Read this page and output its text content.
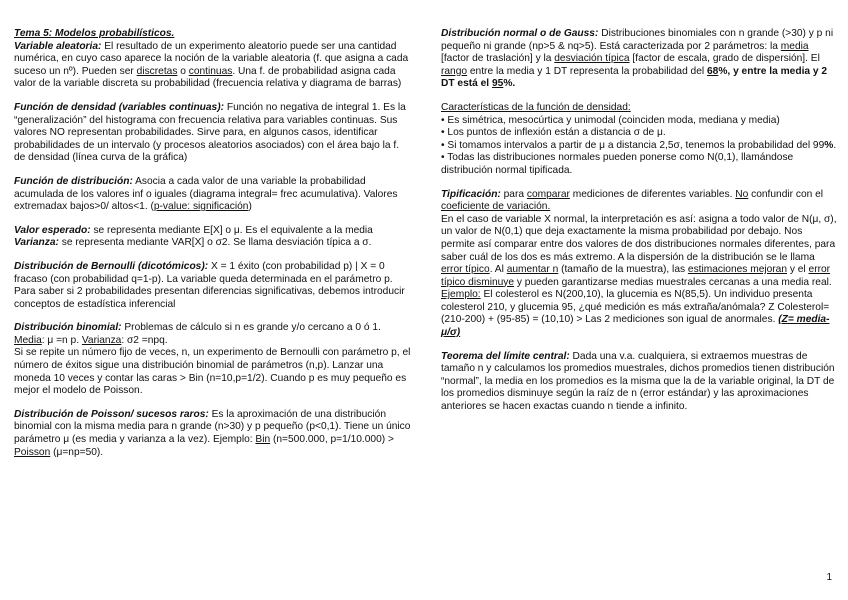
Tema 5: Modelos probabilísticos.
Variable aleatoria: El resultado de un experimento aleatorio puede ser una cantidad numérica, en cuyo caso aparece la noción de la variable aleatoria (f. que asigna a cada suceso un nº). Pueden ser discretas o continuas. Una f. de probabilidad asigna cada valor de la variable discreta su probabilidad (frecuencia relativa y diagrama de barras)

Función de densidad (variables continuas): Función no negativa de integral 1. Es la “generalización” del histograma con frecuencia relativa para variables continuas. Sus valores NO representan probabilidades. Sirve para, en algunos casos, identificar probabilidades de un intervalo (y procesos aleatorios asociados) con el área bajo la f. de densidad (línea curva de la gráfica)

Función de distribución: Asocia a cada valor de una variable la probabilidad acumulada de los valores inf o iguales (diagrama integral= frec acumulativa). Valores extremadax bajos>0/ altos<1. (p-value: significación)

Valor esperado: se representa mediante E[X] o μ. Es el equivalente a la media
Varianza: se representa mediante VAR[X] o σ2. Se llama desviación típica a σ.

Distribución de Bernoulli (dicotómicos): X = 1 éxito (con probabilidad p) | X = 0 fracaso (con probabilidad q=1-p). La variable queda determinada en el parámetro p. Para saber si 2 probabilidades presentan diferencias significativas, debemos introducir conceptos de estadística inferencial

Distribución binomial: Problemas de cálculo si n es grande y/o cercano a 0 ó 1. Media: μ =n p. Varianza: σ2 =npq.
Si se repite un número fijo de veces, n, un experimento de Bernoulli con parámetro p, el número de éxitos sigue una distribución binomial de parámetros (n,p). Lanzar una moneda 10 veces y contar las caras > Bin (n=10,p=1/2). Cuando p es muy pequeño es mejor el modelo de Poisson.

Distribución de Poisson/ sucesos raros: Es la aproximación de una distribución binomial con la misma media para n grande (n>30) y p pequeño (p<0,1). Tiene un único parámetro μ (es media y varianza a la vez). Ejemplo: Bin (n=500.000, p=1/10.000) > Poisson (μ=np=50).

Distribución normal o de Gauss: Distribuciones binomiales con n grande (>30) y p ni pequeño ni grande (np>5 & nq>5). Está caracterizada por 2 parámetros: la media [factor de traslación] y la desviación típica [factor de escala, grado de dispersión]. El rango entre la media y 1 DT representa la probabilidad del 68%, y entre la media y 2 DT está el 95%.

Características de la función de densidad:
• Es simétrica, mesocúrtica y unimodal (coinciden moda, mediana y media)
• Los puntos de inflexión están a distancia σ de μ.
• Si tomamos intervalos a partir de μ a distancia 2,5σ, tenemos la probabilidad del 99%.
• Todas las distribuciones normales pueden ponerse como N(0,1), llamándose distribución normal tipificada.

Tipificación: para comparar mediciones de diferentes variables. No confundir con el coeficiente de variación.
En el caso de variable X normal, la interpretación es así: asigna a todo valor de N(μ, σ), un valor de N(0,1) que deja exactamente la misma probabilidad por debajo. Nos permite así comparar entre dos valores de dos distribuciones normales diferentes, para saber cuál de los dos es más extremo. A la dispersión de la distribución se le llama error típico. Al aumentar n (tamaño de la muestra), las estimaciones mejoran y el error típico disminuye y pueden garantizarse medias muestrales cercanas a una media real.
Ejemplo: El colesterol es N(200,10), la glucemia es N(85,5). Un individuo presenta colesterol 210, y glucemia 95, ¿qué medición es más extraña/anómala? Z Colesterol= (210-200) + (95-85) = (10,10) > Las 2 mediciones son igual de anormales. (Z= media-μ/σ)

Teorema del límite central: Dada una v.a. cualquiera, si extraemos muestras de tamaño n y calculamos los promedios muestrales, dichos promedios tienen distribución “normal”, la media en los promedios es la misma que la de la variable original, la DT de los promedios disminuye según la raíz de n (error estándar) y las aproximaciones anteriores se hacen exactas cuando n tiende a infinito.

1
